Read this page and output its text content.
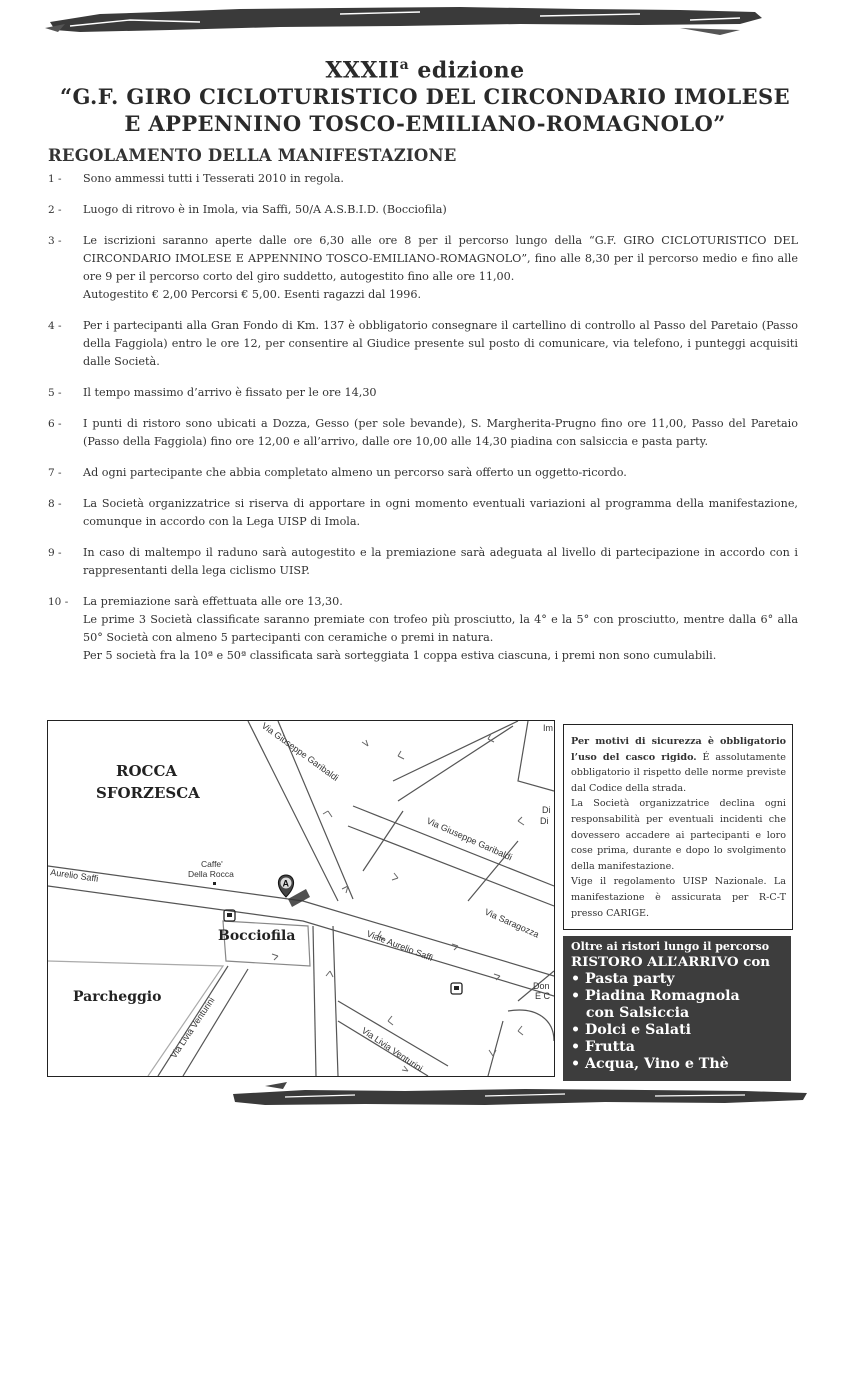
XXXII$^a$ edizione
“G.F. GIRO CICLOTURISTICO DEL CIRCONDARIO IMOLESE
E APPENNINO TOSCO-EMILIANO-ROMAGNOLO”
REGOLAMENTO DELLA MANIFESTAZIONE
1 -	Sono ammessi tutti i Tesserati 2010 in regola.
2 -	Luogo di ritrovo è in Imola, via Saffi, 50/A A.S.B.I.D. (Bocciofila)
3 -	Le iscrizioni saranno aperte dalle ore 6,30 alle ore 8 per il percorso lungo della “G.F. GIRO CICLOTURISTICO DEL CIRCONDARIO IMOLESE E APPENNINO TOSCO-EMILIANO-ROMAGNOLO”, fino alle 8,30 per il percorso medio e fino alle ore 9 per il percorso corto del giro suddetto, autogestito fino alle ore 11,00.
Autogestito € 2,00 Percorsi € 5,00. Esenti ragazzi dal 1996.
4 -	Per i partecipanti alla Gran Fondo di Km. 137 è obbligatorio consegnare il cartellino di controllo al Passo del Paretaio (Passo della Faggiola) entro le ore 12, per consentire al Giudice presente sul posto di comunicare, via telefono, i punteggi acquisiti dalle Società.
5 -	Il tempo massimo d’arrivo è fissato per le ore 14,30
6 -	I punti di ristoro sono ubicati a Dozza, Gesso (per sole bevande), S. Margherita-Prugno fino ore 11,00, Passo del Paretaio (Passo della Faggiola) fino ore 12,00 e all’arrivo, dalle ore 10,00 alle 14,30 piadina con salsiccia e pasta party.
7 -	Ad ogni partecipante che abbia completato almeno un percorso sarà offerto un oggetto-ricordo.
8 -	La Società organizzatrice si riserva di apportare in ogni momento eventuali variazioni al programma della manifestazione, comunque in accordo con la Lega UISP di Imola.
9 -	In caso di maltempo il raduno sarà autogestito e la premiazione sarà adeguata al livello di partecipazione in accordo con i rappresentanti della lega ciclismo UISP.
10 -	La premiazione sarà effettuata alle ore 13,30.
Le prime 3 Società classificate saranno premiate con trofeo più prosciutto, la 4° e la 5° con prosciutto, mentre dalla 6° alla 50° Società con almeno 5 partecipanti con ceramiche o premi in natura.
Per 5 società fra la 10ª e 50ª classificata sarà sorteggiata 1 coppa estiva ciascuna, i premi non sono cumulabili.
Via Giuseppe Garibaldi
Via Giuseppe Garibaldi
Aurelio Saffi
Viale Aurelio Saffi
Via Saragozza
Via Livia Venturini	Via Livia Venturini
Im
Di
Di
Don
E C
ROCCA
SFORZESCA
Bocciofila
Parcheggio
Caffe'
Della Rocca
A
Per motivi di sicurezza è obbligatorio l’uso del casco rigido. É assolutamente obbligatorio il rispetto delle norme previste dal Codice della strada.
La Società organizzatrice declina ogni responsabilità per eventuali incidenti che dovessero accadere ai partecipanti e loro cose prima, durante e dopo lo svolgimento della manifestazione.
Vige il regolamento UISP Nazionale. La manifestazione è assicurata per R-C-T presso CARIGE.
Oltre ai ristori lungo il percorso
RISTORO ALL’ARRIVO con
• Pasta party
• Piadina Romagnola
con Salsiccia
• Dolci e Salati
• Frutta
• Acqua, Vino e Thè
